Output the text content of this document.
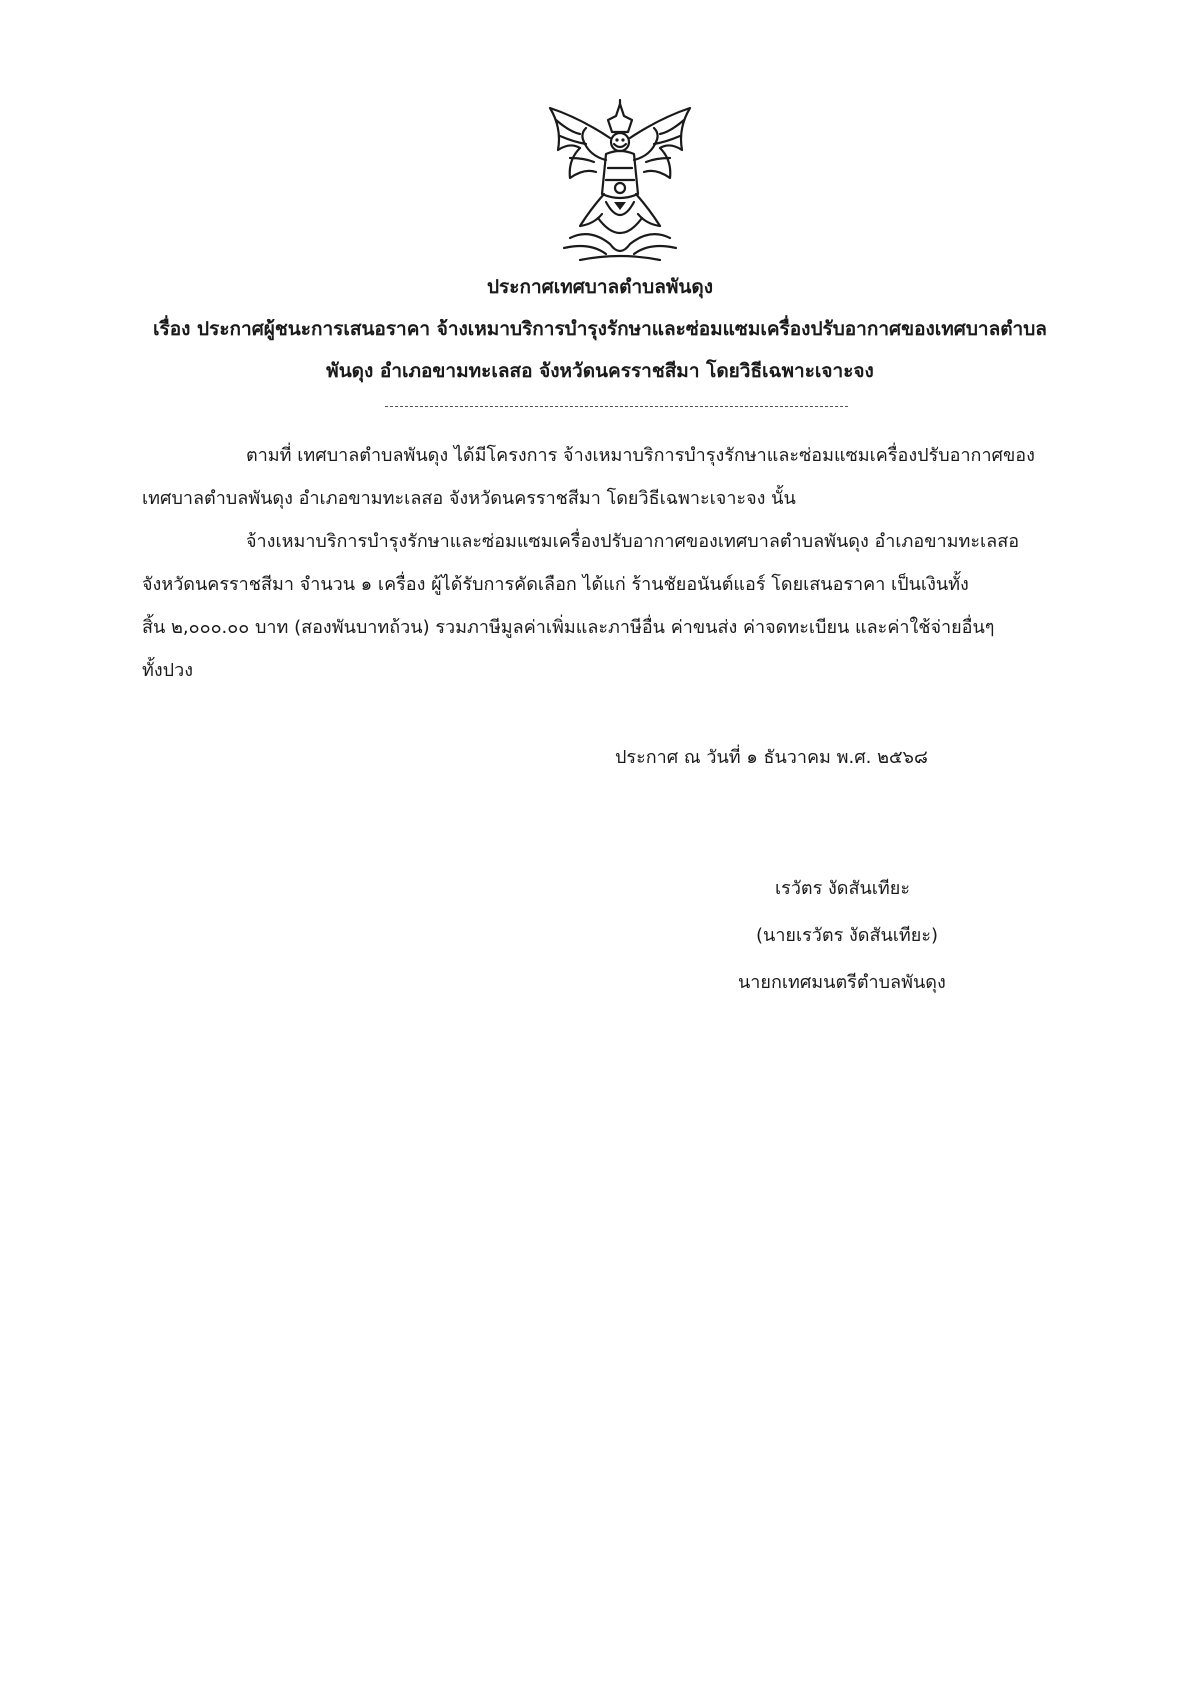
ประกาศเทศบาลตำบลพันดุง
เรื่อง ประกาศผู้ชนะการเสนอราคา จ้างเหมาบริการบำรุงรักษาและซ่อมแซมเครื่องปรับอากาศของเทศบาลตำบล
พันดุง อำเภอขามทะเลสอ จังหวัดนครราชสีมา โดยวิธีเฉพาะเจาะจง
ตามที่ เทศบาลตำบลพันดุง ได้มีโครงการ จ้างเหมาบริการบำรุงรักษาและซ่อมแซมเครื่องปรับอากาศของ
เทศบาลตำบลพันดุง อำเภอขามทะเลสอ จังหวัดนครราชสีมา โดยวิธีเฉพาะเจาะจง นั้น
จ้างเหมาบริการบำรุงรักษาและซ่อมแซมเครื่องปรับอากาศของเทศบาลตำบลพันดุง อำเภอขามทะเลสอ
จังหวัดนครราชสีมา จำนวน ๑ เครื่อง ผู้ได้รับการคัดเลือก ได้แก่ ร้านชัยอนันต์แอร์ โดยเสนอราคา เป็นเงินทั้ง
สิ้น ๒,๐๐๐.๐๐ บาท (สองพันบาทถ้วน) รวมภาษีมูลค่าเพิ่มและภาษีอื่น ค่าขนส่ง ค่าจดทะเบียน และค่าใช้จ่ายอื่นๆ
ทั้งปวง
ประกาศ ณ วันที่ ๑ ธันวาคม พ.ศ. ๒๕๖๘
เรวัตร งัดสันเทียะ
(นายเรวัตร งัดสันเทียะ)
นายกเทศมนตรีตำบลพันดุง
